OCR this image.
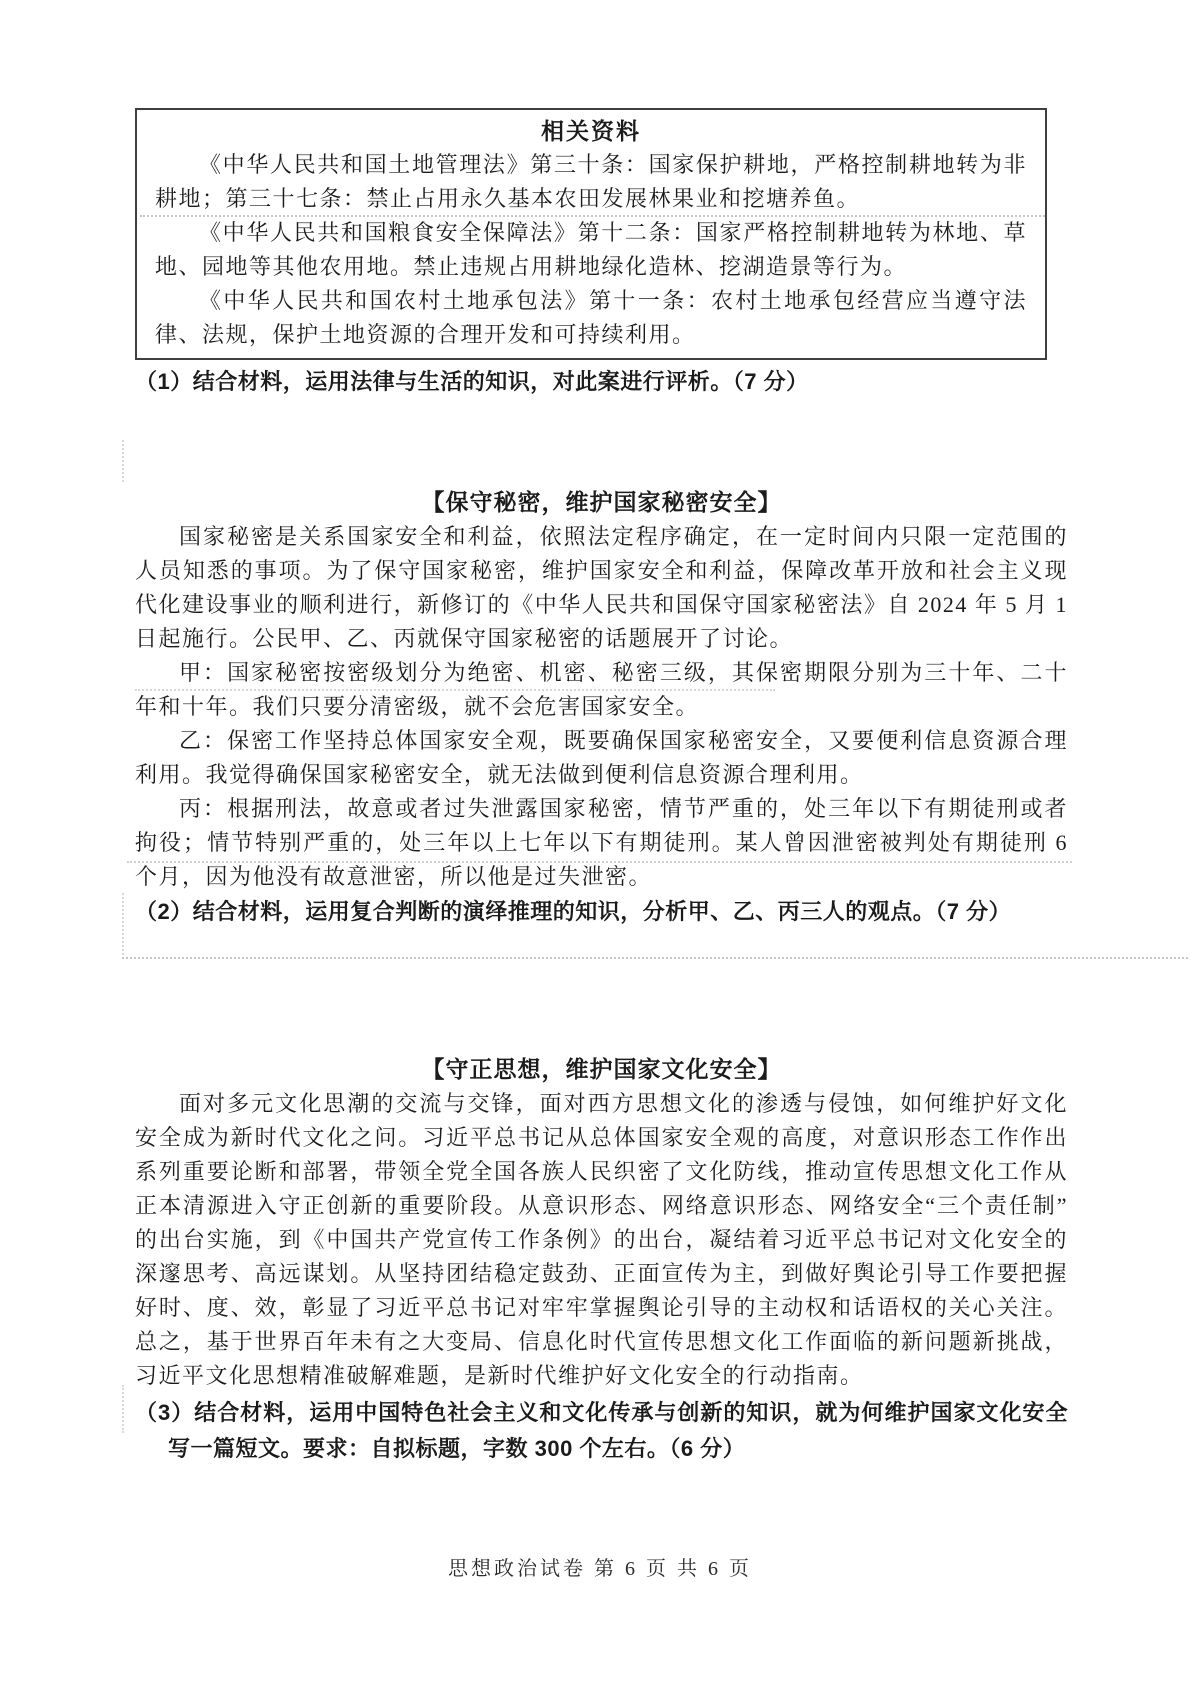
相关资料

《中华人民共和国土地管理法》第三十条：国家保护耕地，严格控制耕地转为非耕地；第三十七条：禁止占用永久基本农田发展林果业和挖塘养鱼。

《中华人民共和国粮食安全保障法》第十二条：国家严格控制耕地转为林地、草地、园地等其他农用地。禁止违规占用耕地绿化造林、挖湖造景等行为。

《中华人民共和国农村土地承包法》第十一条：农村土地承包经营应当遵守法律、法规，保护土地资源的合理开发和可持续利用。

（1）结合材料，运用法律与生活的知识，对此案进行评析。（7 分）

【保守秘密，维护国家秘密安全】

国家秘密是关系国家安全和利益，依照法定程序确定，在一定时间内只限一定范围的人员知悉的事项。为了保守国家秘密，维护国家安全和利益，保障改革开放和社会主义现代化建设事业的顺利进行，新修订的《中华人民共和国保守国家秘密法》自 2024 年 5 月 1 日起施行。公民甲、乙、丙就保守国家秘密的话题展开了讨论。

甲：国家秘密按密级划分为绝密、机密、秘密三级，其保密期限分别为三十年、二十年和十年。我们只要分清密级，就不会危害国家安全。

乙：保密工作坚持总体国家安全观，既要确保国家秘密安全，又要便利信息资源合理利用。我觉得确保国家秘密安全，就无法做到便利信息资源合理利用。

丙：根据刑法，故意或者过失泄露国家秘密，情节严重的，处三年以下有期徒刑或者拘役；情节特别严重的，处三年以上七年以下有期徒刑。某人曾因泄密被判处有期徒刑 6 个月，因为他没有故意泄密，所以他是过失泄密。

（2）结合材料，运用复合判断的演绎推理的知识，分析甲、乙、丙三人的观点。（7 分）

【守正思想，维护国家文化安全】

面对多元文化思潮的交流与交锋，面对西方思想文化的渗透与侵蚀，如何维护好文化安全成为新时代文化之问。习近平总书记从总体国家安全观的高度，对意识形态工作作出系列重要论断和部署，带领全党全国各族人民织密了文化防线，推动宣传思想文化工作从正本清源进入守正创新的重要阶段。从意识形态、网络意识形态、网络安全“三个责任制”的出台实施，到《中国共产党宣传工作条例》的出台，凝结着习近平总书记对文化安全的深邃思考、高远谋划。从坚持团结稳定鼓劲、正面宣传为主，到做好舆论引导工作要把握好时、度、效，彰显了习近平总书记对牢牢掌握舆论引导的主动权和话语权的关心关注。总之，基于世界百年未有之大变局、信息化时代宣传思想文化工作面临的新问题新挑战，习近平文化思想精准破解难题，是新时代维护好文化安全的行动指南。

（3）结合材料，运用中国特色社会主义和文化传承与创新的知识，就为何维护国家文化安全写一篇短文。要求：自拟标题，字数 300 个左右。（6 分）

思想政治试卷 第 6 页 共 6 页
